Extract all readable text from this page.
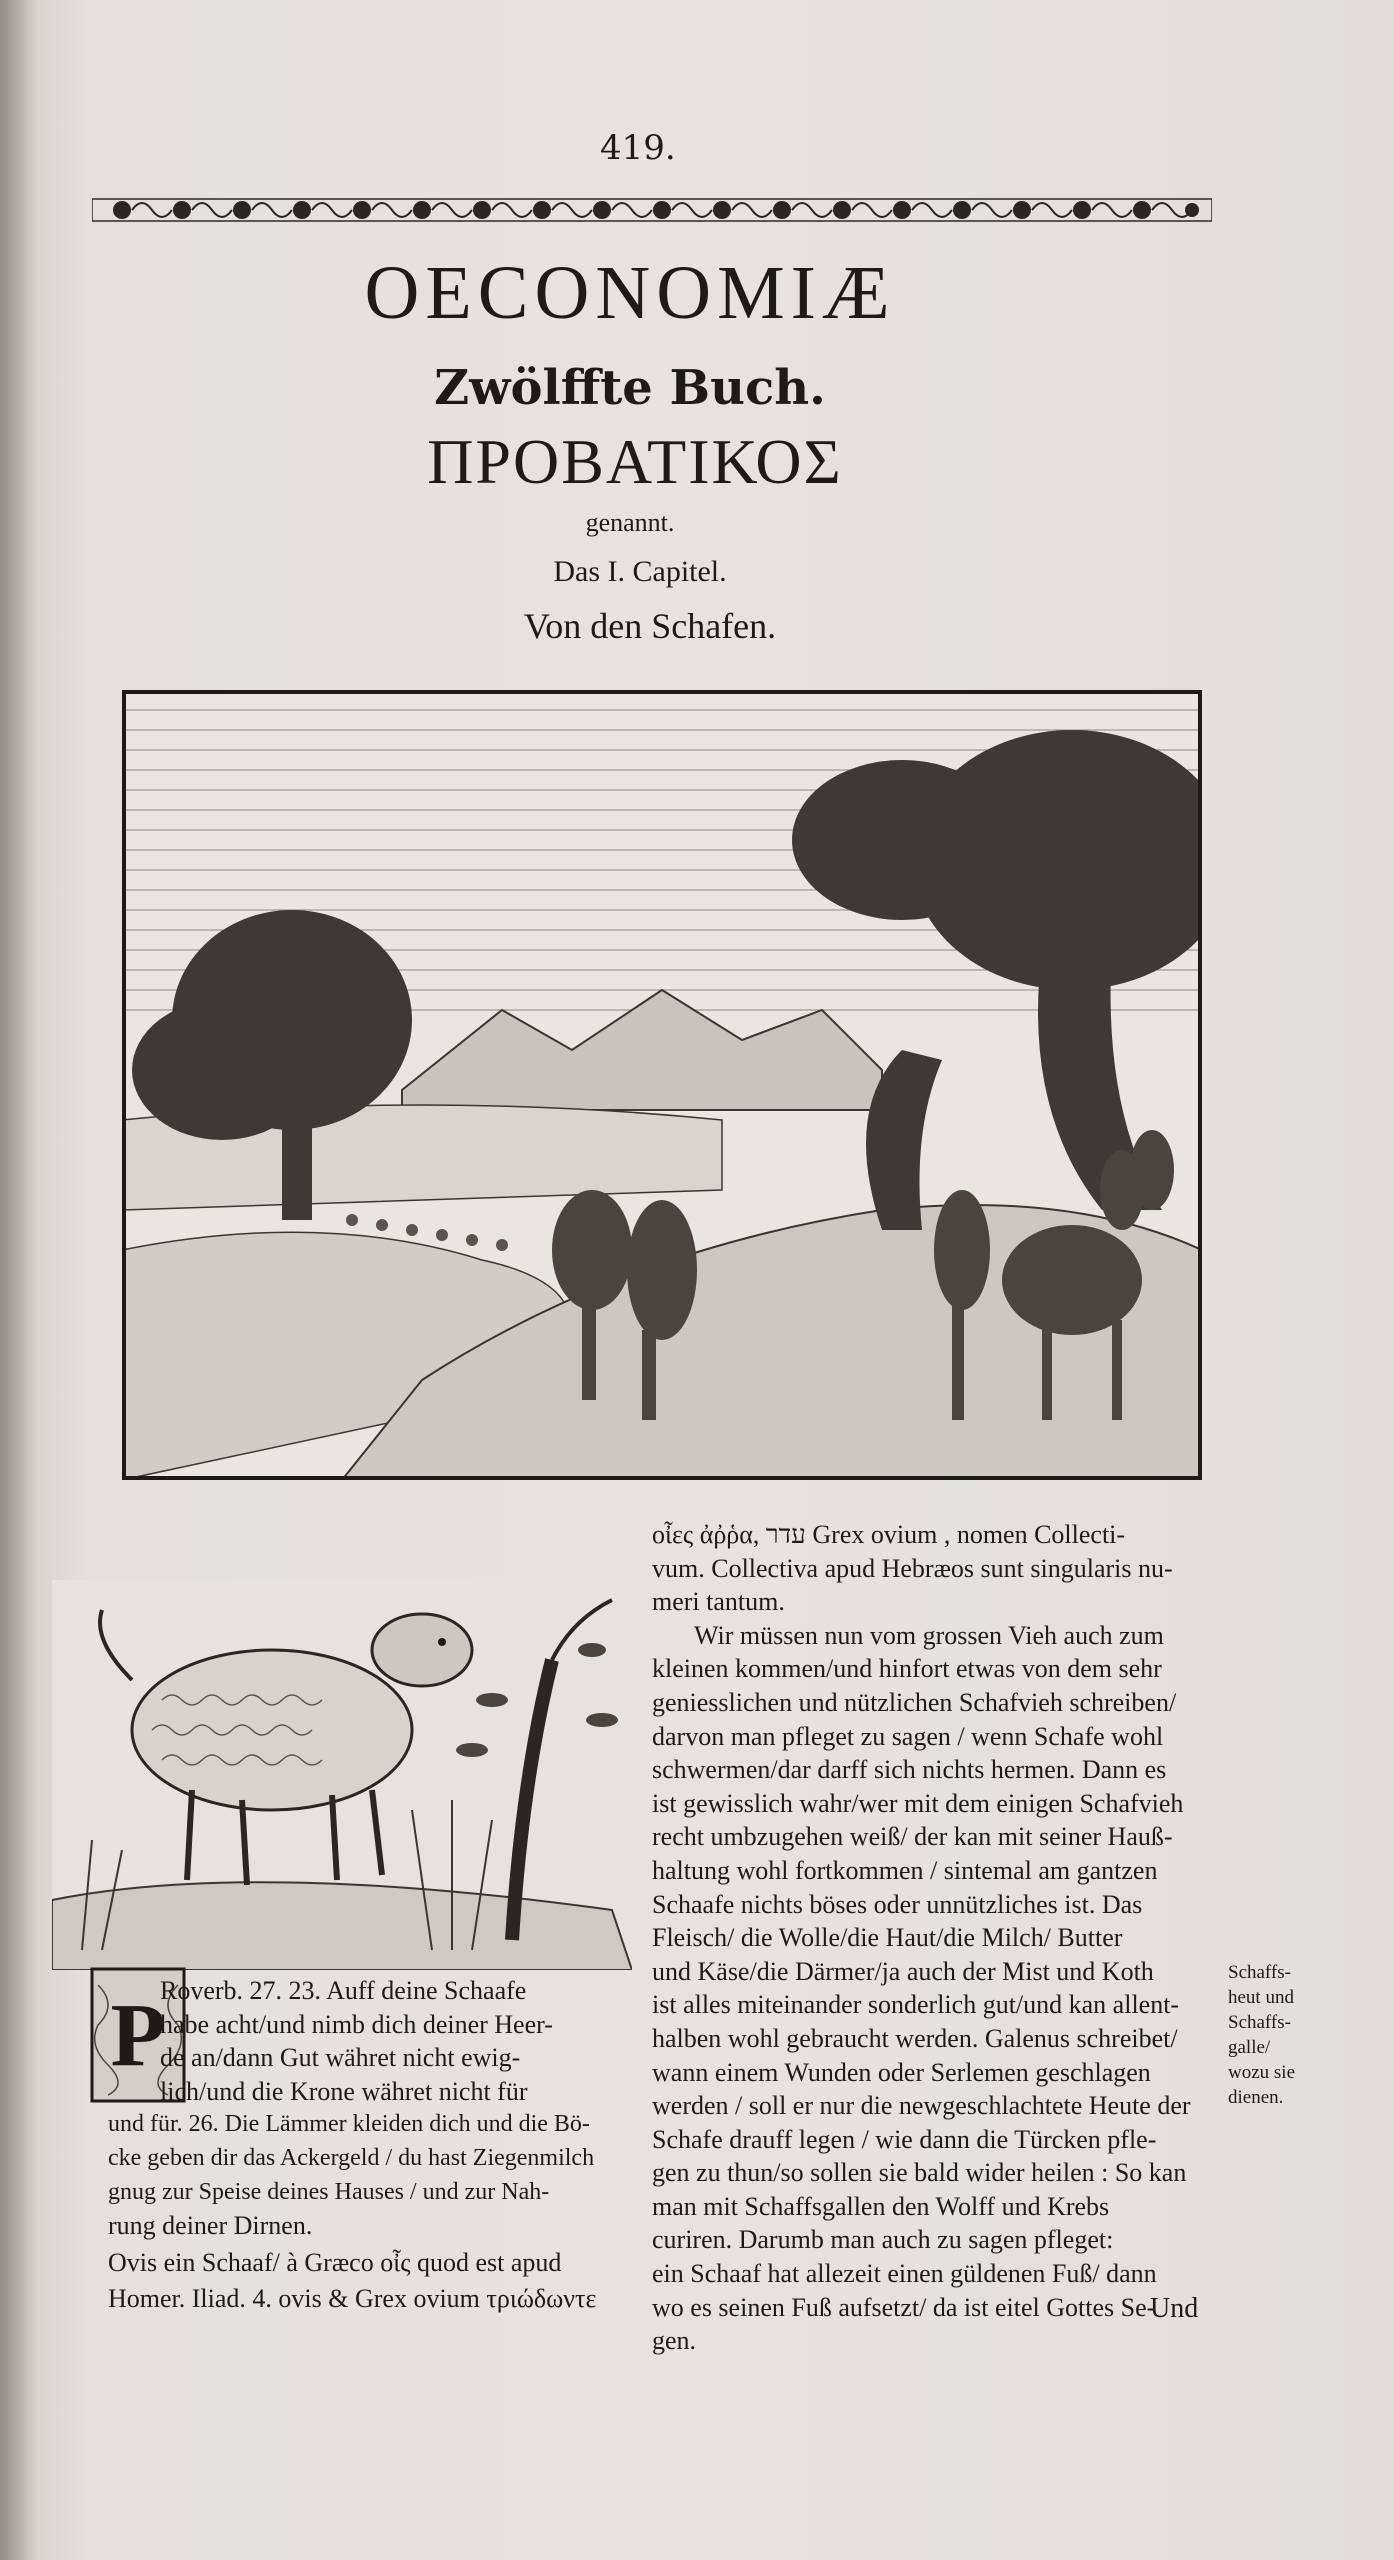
419.
OECONOMIÆ
Zwölffte Buch.
ΠΡΟΒΑΤΙΚΟΣ
genannt.
Das I. Capitel.
Von den Schafen.
P
Roverb. 27. 23. Auff deine Schaafe
habe acht/und nimb dich deiner Heer-
de an/dann Gut währet nicht ewig-
lich/und die Krone währet nicht für
und für. 26. Die Lämmer kleiden dich und die Bö-
cke geben dir das Ackergeld / du hast Ziegenmilch
gnug zur Speise deines Hauses / und zur Nah-
rung deiner Dirnen.
Ovis ein Schaaf/ à Græco οἶς quod est apud
Homer. Iliad. 4. ovis & Grex ovium τριώδωντε
οἶες ἀῤῥα, עדר Grex ovium , nomen Collecti-
vum. Collectiva apud Hebræos sunt singularis nu-
meri tantum.
Wir müssen nun vom grossen Vieh auch zum
kleinen kommen/und hinfort etwas von dem sehr
geniesslichen und nützlichen Schafvieh schreiben/
darvon man pfleget zu sagen / wenn Schafe wohl
schwermen/dar darff sich nichts hermen. Dann es
ist gewisslich wahr/wer mit dem einigen Schafvieh
recht umbzugehen weiß/ der kan mit seiner Hauß-
haltung wohl fortkommen / sintemal am gantzen
Schaafe nichts böses oder unnützliches ist. Das
Fleisch/ die Wolle/die Haut/die Milch/ Butter
und Käse/die Därmer/ja auch der Mist und Koth
ist alles miteinander sonderlich gut/und kan allent-
halben wohl gebraucht werden. Galenus schreibet/
wann einem Wunden oder Serlemen geschlagen
werden / soll er nur die newgeschlachtete Heute der
Schafe drauff legen / wie dann die Türcken pfle-
gen zu thun/so sollen sie bald wider heilen : So kan
man mit Schaffsgallen den Wolff und Krebs
curiren. Darumb man auch zu sagen pfleget:
ein Schaaf hat allezeit einen güldenen Fuß/ dann
wo es seinen Fuß aufsetzt/ da ist eitel Gottes Se-
gen.
Schaffs-
heut und
Schaffs-
galle/
wozu sie
dienen.
Und
